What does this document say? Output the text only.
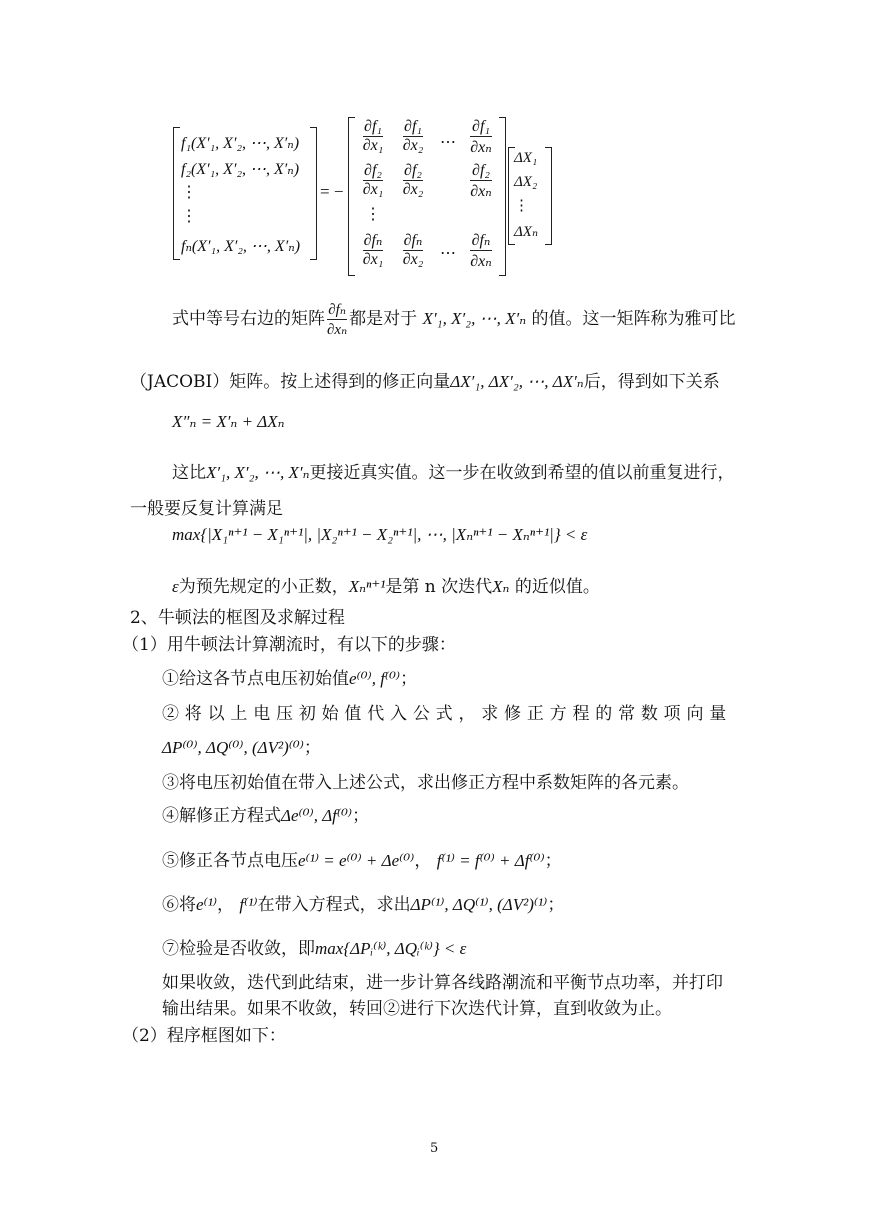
f₁(X′₁, X′₂, ⋯, X′ₙ)
f₂(X′₁, X′₂, ⋯, X′ₙ)
⋮
⋮
fₙ(X′₁, X′₂, ⋯, X′ₙ)
= −
$\frac{\text{∂f₁}}{\text{∂x₁}} \frac{\text{∂f₁}}{\text{∂x₂}}$ ⋯ $\frac{\text{∂f₁}}{\text{∂xₙ}}$
$\frac{\text{∂f₂}}{\text{∂x₁}} \frac{\text{∂f₂}}{\text{∂x₂}}$	$\frac{\text{∂f₂}}{\text{∂xₙ}}$
⋮
$\frac{\text{∂fₙ}}{\text{∂x₁}} \frac{\text{∂fₙ}}{\text{∂x₂}}$ ⋯ $\frac{\text{∂fₙ}}{\text{∂xₙ}}$
ΔX₁
ΔX₂
⋮
ΔXₙ
式中等号右边的矩阵 $\frac{\text{∂fₙ}}{\text{∂xₙ}}$ 都是对于 X′₁, X′₂, ⋯, X′ₙ 的值。这一矩阵称为雅可比
（JACOBI）矩阵。按上述得到的修正向量ΔX′₁, ΔX′₂, ⋯, ΔX′ₙ后，得到如下关系
X″ₙ = X′ₙ + ΔXₙ
这比X′₁, X′₂, ⋯, X′ₙ更接近真实值。这一步在收敛到希望的值以前重复进行，
一般要反复计算满足
max{|X₁ⁿ⁺¹ − X₁ⁿ⁺¹|, |X₂ⁿ⁺¹ − X₂ⁿ⁺¹|, ⋯, |Xₙⁿ⁺¹ − Xₙⁿ⁺¹|} < ε
ε为预先规定的小正数，Xₙⁿ⁺¹是第 n 次迭代Xₙ 的近似值。
2、牛顿法的框图及求解过程
（1）用牛顿法计算潮流时，有以下的步骤：
①给这各节点电压初始值e⁽⁰⁾, f⁽⁰⁾；
② 将 以 上 电 压 初 始 值 代 入 公 式 ， 求 修 正 方 程 的 常 数 项 向 量
ΔP⁽⁰⁾, ΔQ⁽⁰⁾, (ΔV²)⁽⁰⁾；
③将电压初始值在带入上述公式，求出修正方程中系数矩阵的各元素。
④解修正方程式Δe⁽⁰⁾, Δf⁽⁰⁾；
⑤修正各节点电压e⁽¹⁾ = e⁽⁰⁾ + Δe⁽⁰⁾， f⁽¹⁾ = f⁽⁰⁾ + Δf⁽⁰⁾；
⑥将e⁽¹⁾， f⁽¹⁾在带入方程式，求出ΔP⁽¹⁾, ΔQ⁽¹⁾, (ΔV²)⁽¹⁾；
⑦检验是否收敛，即max{ΔPᵢ⁽ᵏ⁾, ΔQᵢ⁽ᵏ⁾} < ε
如果收敛，迭代到此结束，进一步计算各线路潮流和平衡节点功率，并打印
输出结果。如果不收敛，转回②进行下次迭代计算，直到收敛为止。
（2）程序框图如下：
5
